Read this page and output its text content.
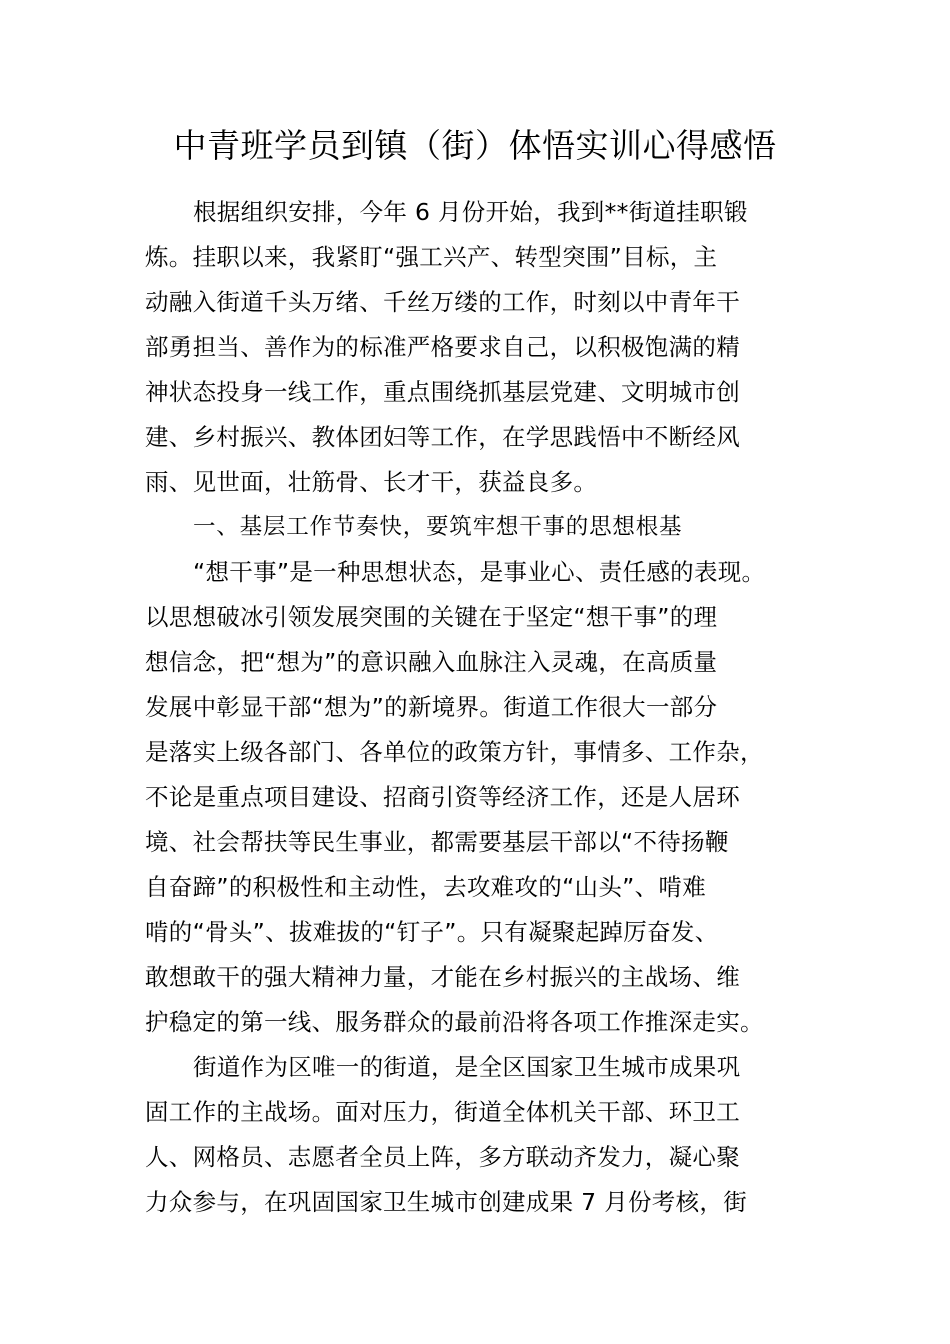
中青班学员到镇（街）体悟实训心得感悟
根据组织安排，今年 6 月份开始，我到**街道挂职锻
炼。挂职以来，我紧盯“强工兴产、转型突围”目标，主
动融入街道千头万绪、千丝万缕的工作，时刻以中青年干
部勇担当、善作为的标准严格要求自己，以积极饱满的精
神状态投身一线工作，重点围绕抓基层党建、文明城市创
建、乡村振兴、教体团妇等工作，在学思践悟中不断经风
雨、见世面，壮筋骨、长才干，获益良多。
一、基层工作节奏快，要筑牢想干事的思想根基
“想干事”是一种思想状态，是事业心、责任感的表现。
以思想破冰引领发展突围的关键在于坚定“想干事”的理
想信念，把“想为”的意识融入血脉注入灵魂，在高质量
发展中彰显干部“想为”的新境界。街道工作很大一部分
是落实上级各部门、各单位的政策方针，事情多、工作杂，
不论是重点项目建设、招商引资等经济工作，还是人居环
境、社会帮扶等民生事业，都需要基层干部以“不待扬鞭
自奋蹄”的积极性和主动性，去攻难攻的“山头”、啃难
啃的“骨头”、拔难拔的“钉子”。只有凝聚起踔厉奋发、
敢想敢干的强大精神力量，才能在乡村振兴的主战场、维
护稳定的第一线、服务群众的最前沿将各项工作推深走实。
街道作为区唯一的街道，是全区国家卫生城市成果巩
固工作的主战场。面对压力，街道全体机关干部、环卫工
人、网格员、志愿者全员上阵，多方联动齐发力，凝心聚
力众参与，在巩固国家卫生城市创建成果 7 月份考核，街
